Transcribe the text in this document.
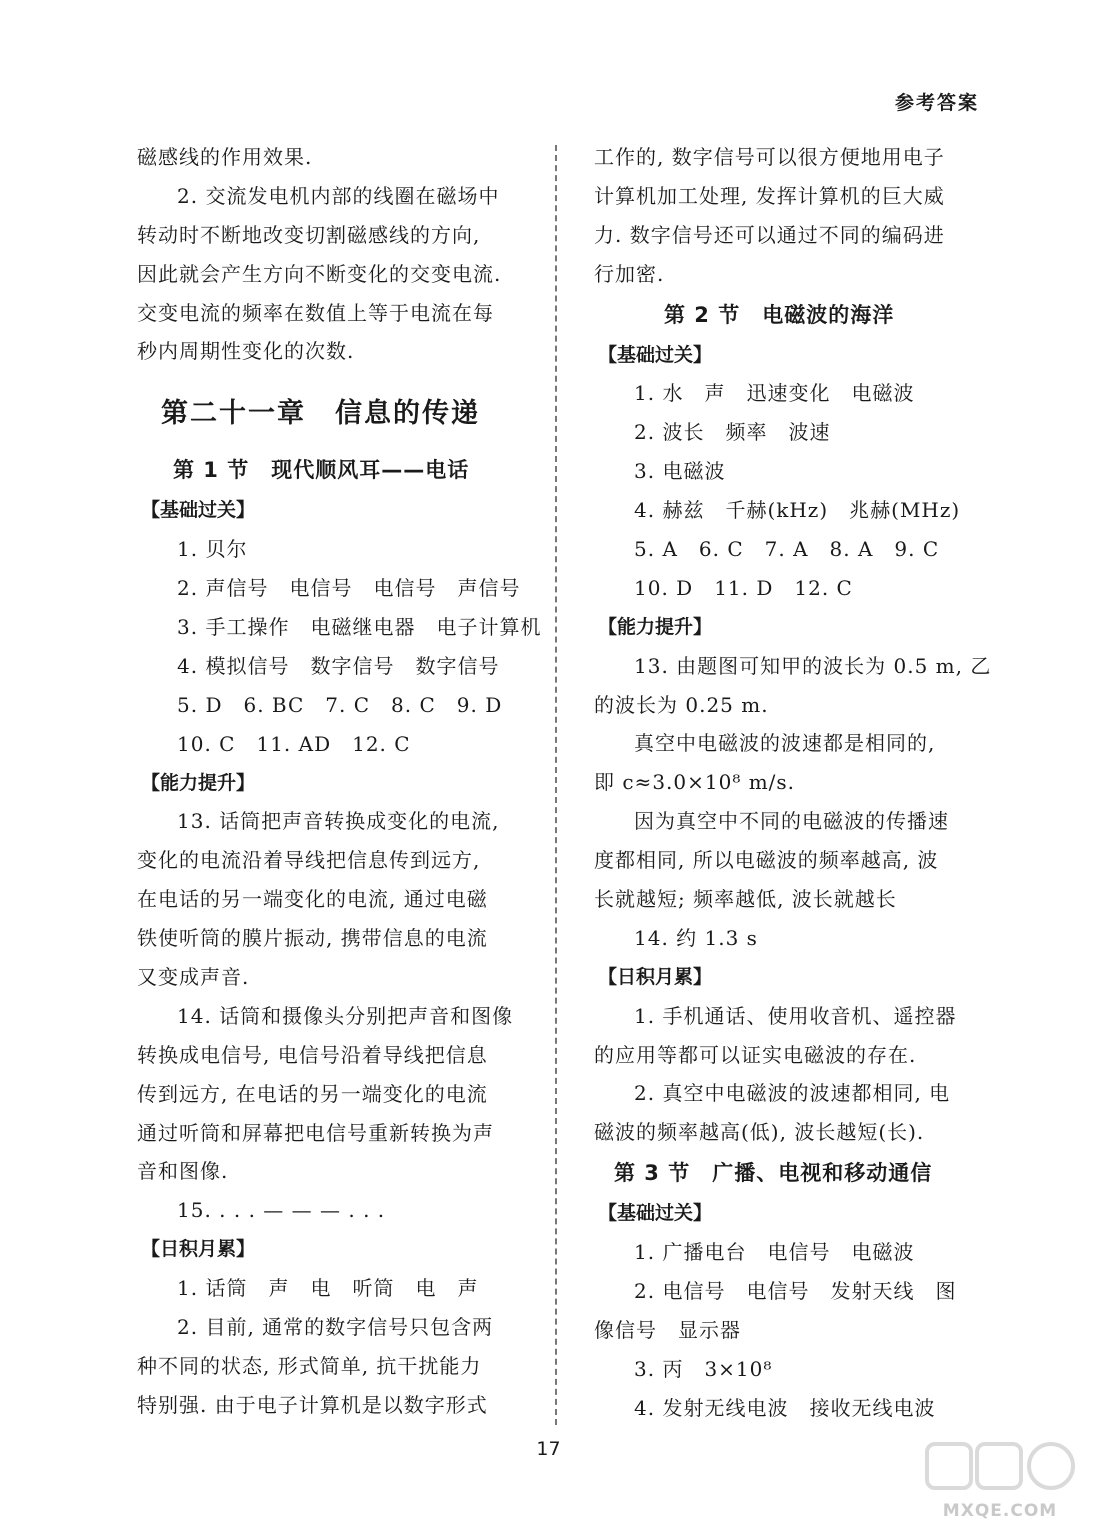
参考答案
磁感线的作用效果.
2. 交流发电机内部的线圈在磁场中
转动时不断地改变切割磁感线的方向,
因此就会产生方向不断变化的交变电流.
交变电流的频率在数值上等于电流在每
秒内周期性变化的次数.
第二十一章　信息的传递
第 1 节　现代顺风耳——电话
【基础过关】
1. 贝尔
2. 声信号　电信号　电信号　声信号
3. 手工操作　电磁继电器　电子计算机
4. 模拟信号　数字信号　数字信号
5. D　6. BC　7. C　8. C　9. D
10. C　11. AD　12. C
【能力提升】
13. 话筒把声音转换成变化的电流,
变化的电流沿着导线把信息传到远方,
在电话的另一端变化的电流, 通过电磁
铁使听筒的膜片振动, 携带信息的电流
又变成声音.
14. 话筒和摄像头分别把声音和图像
转换成电信号, 电信号沿着导线把信息
传到远方, 在电话的另一端变化的电流
通过听筒和屏幕把电信号重新转换为声
音和图像.
15. . . . — — — . . .
【日积月累】
1. 话筒　声　电　听筒　电　声
2. 目前, 通常的数字信号只包含两
种不同的状态, 形式简单, 抗干扰能力
特别强. 由于电子计算机是以数字形式
工作的, 数字信号可以很方便地用电子
计算机加工处理, 发挥计算机的巨大威
力. 数字信号还可以通过不同的编码进
行加密.
第 2 节　电磁波的海洋
【基础过关】
1. 水　声　迅速变化　电磁波
2. 波长　频率　波速
3. 电磁波
4. 赫兹　千赫(kHz)　兆赫(MHz)
5. A　6. C　7. A　8. A　9. C
10. D　11. D　12. C
【能力提升】
13. 由题图可知甲的波长为 0.5 m, 乙
的波长为 0.25 m.
真空中电磁波的波速都是相同的,
即 c≈3.0×10⁸ m/s.
因为真空中不同的电磁波的传播速
度都相同, 所以电磁波的频率越高, 波
长就越短; 频率越低, 波长就越长
14. 约 1.3 s
【日积月累】
1. 手机通话、使用收音机、遥控器
的应用等都可以证实电磁波的存在.
2. 真空中电磁波的波速都相同, 电
磁波的频率越高(低), 波长越短(长).
第 3 节　广播、电视和移动通信
【基础过关】
1. 广播电台　电信号　电磁波
2. 电信号　电信号　发射天线　图
像信号　显示器
3. 丙　3×10⁸
4. 发射无线电波　接收无线电波
17
MXQE.COM
